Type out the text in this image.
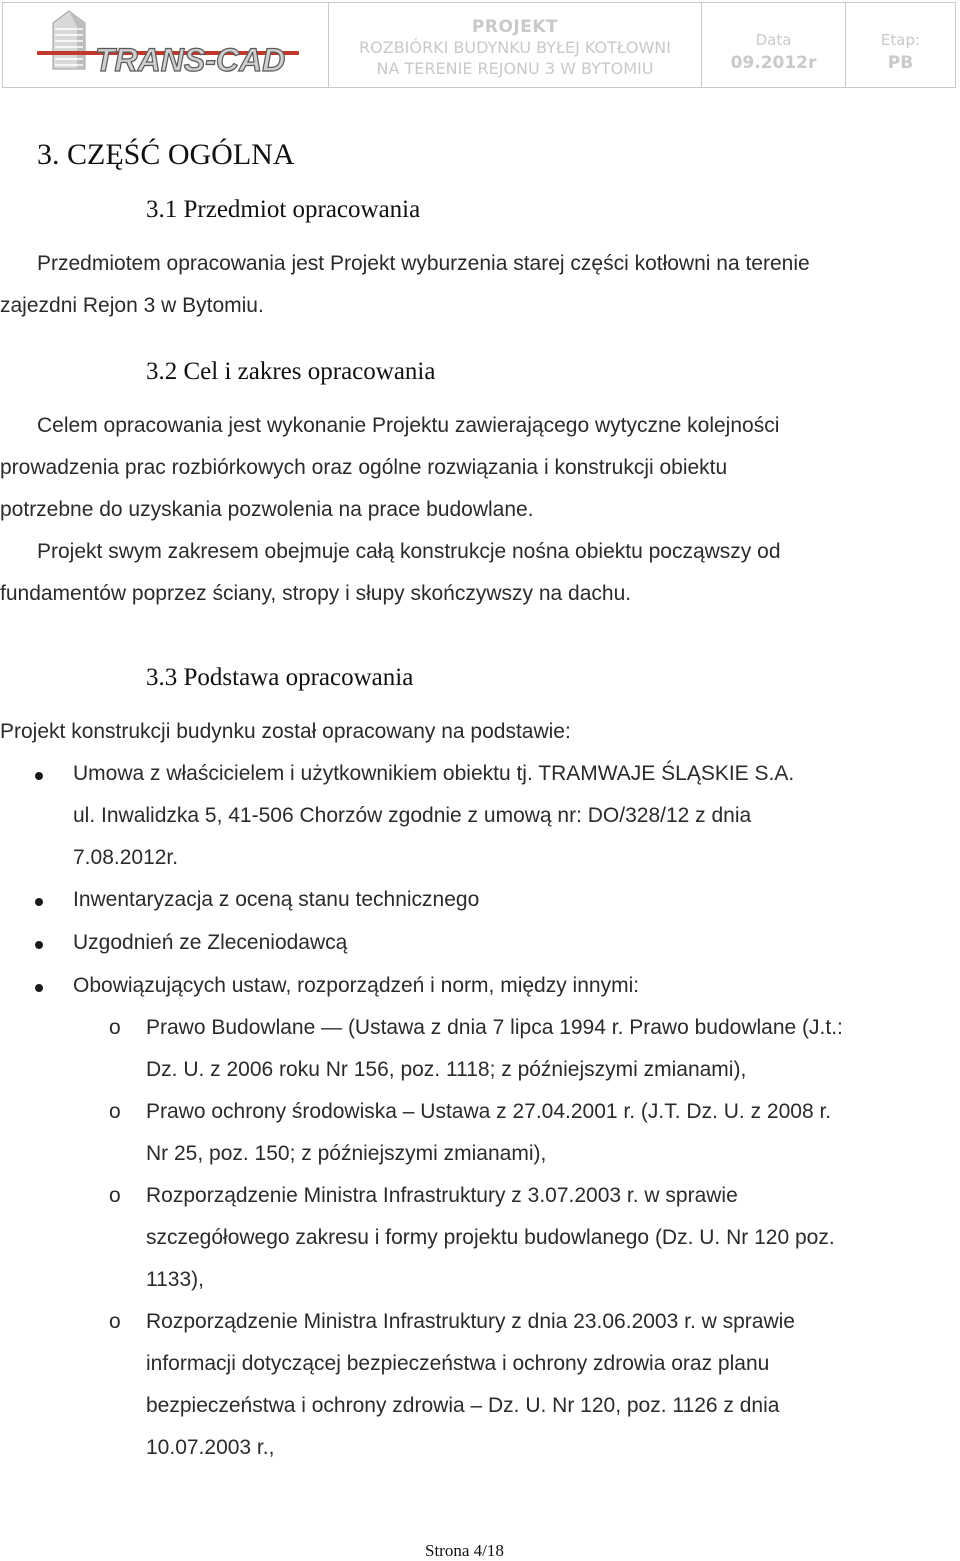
TRANS-CAD
PROJEKT
ROZBIÓRKI BUDYNKU BYŁEJ KOTŁOWNI
NA TERENIE REJONU 3 W BYTOMIU
Data
09.2012r
Etap:
PB
3. CZĘŚĆ OGÓLNA
3.1 Przedmiot opracowania
Przedmiotem opracowania jest Projekt wyburzenia starej części kotłowni na terenie
zajezdni Rejon 3 w Bytomiu.
3.2 Cel i zakres opracowania
Celem opracowania jest wykonanie Projektu zawierającego wytyczne kolejności
prowadzenia prac rozbiórkowych oraz ogólne rozwiązania i konstrukcji obiektu
potrzebne do uzyskania pozwolenia na prace budowlane.
Projekt swym zakresem obejmuje całą konstrukcje nośna obiektu począwszy od
fundamentów poprzez ściany, stropy i słupy skończywszy na dachu.
3.3 Podstawa opracowania
Projekt konstrukcji budynku został opracowany na podstawie:
Umowa z właścicielem i użytkownikiem obiektu tj. TRAMWAJE ŚLĄSKIE S.A.
ul. Inwalidzka 5, 41-506 Chorzów zgodnie z umową nr: DO/328/12 z dnia
7.08.2012r.
Inwentaryzacja z oceną stanu technicznego
Uzgodnień ze Zleceniodawcą
Obowiązujących ustaw, rozporządzeń i norm, między innymi:
o Prawo Budowlane — (Ustawa z dnia 7 lipca 1994 r. Prawo budowlane (J.t.:
Dz. U. z 2006 roku Nr 156, poz. 1118; z późniejszymi zmianami),
o Prawo ochrony środowiska – Ustawa z 27.04.2001 r. (J.T. Dz. U. z 2008 r.
Nr 25, poz. 150; z późniejszymi zmianami),
o Rozporządzenie Ministra Infrastruktury z 3.07.2003 r. w sprawie
szczegółowego zakresu i formy projektu budowlanego (Dz. U. Nr 120 poz.
1133),
o Rozporządzenie Ministra Infrastruktury z dnia 23.06.2003 r. w sprawie
informacji dotyczącej bezpieczeństwa i ochrony zdrowia oraz planu
bezpieczeństwa i ochrony zdrowia – Dz. U. Nr 120, poz. 1126 z dnia
10.07.2003 r.,
Strona 4/18
